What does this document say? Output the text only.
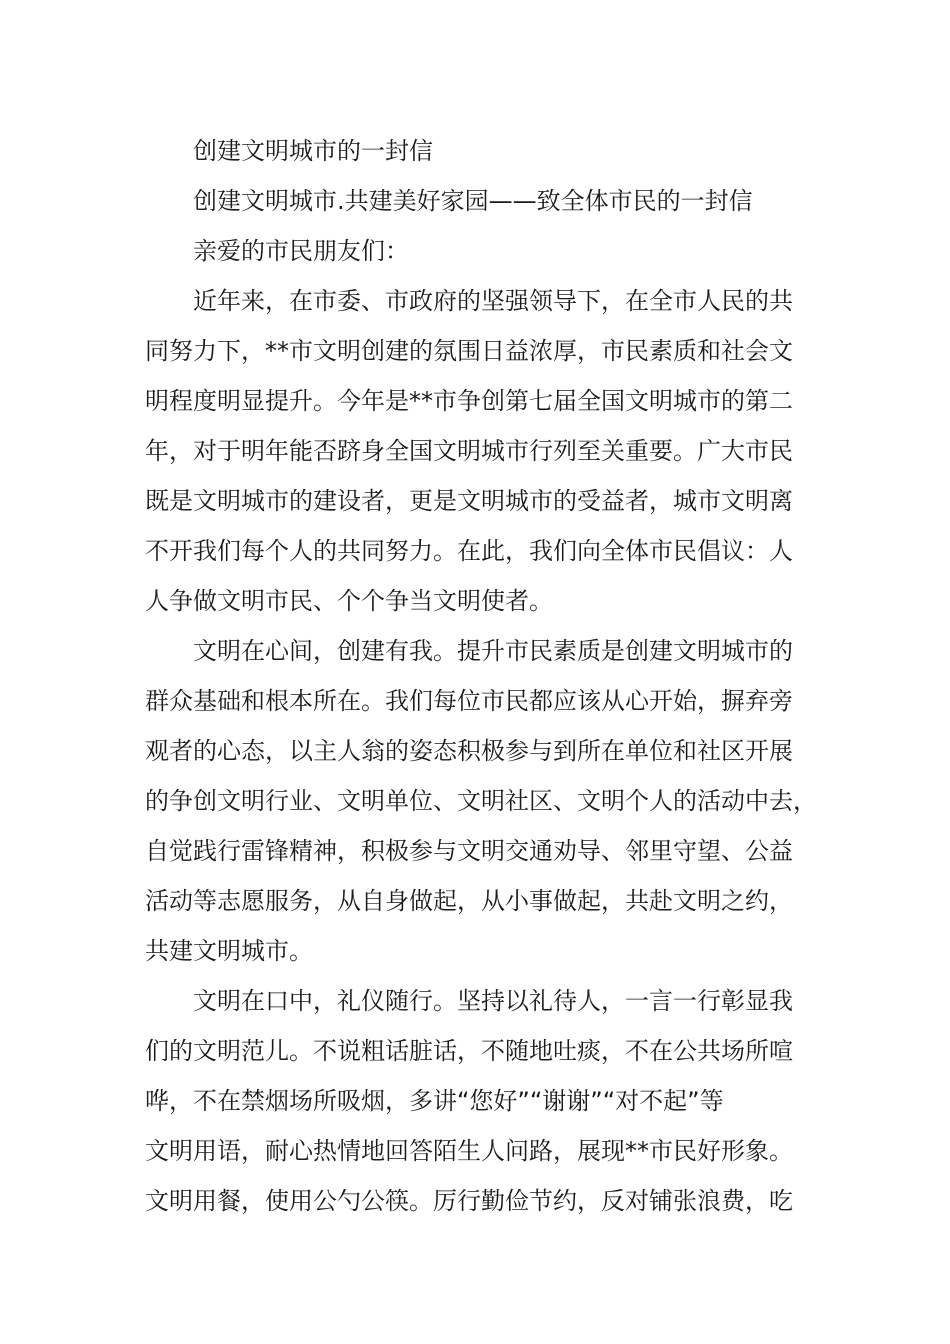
创建文明城市的一封信
创建文明城市.共建美好家园——致全体市民的一封信
亲爱的市民朋友们：
近年来，在市委、市政府的坚强领导下，在全市人民的共
同努力下，**市文明创建的氛围日益浓厚，市民素质和社会文
明程度明显提升。今年是**市争创第七届全国文明城市的第二
年，对于明年能否跻身全国文明城市行列至关重要。广大市民
既是文明城市的建设者，更是文明城市的受益者，城市文明离
不开我们每个人的共同努力。在此，我们向全体市民倡议：人
人争做文明市民、个个争当文明使者。
文明在心间，创建有我。提升市民素质是创建文明城市的
群众基础和根本所在。我们每位市民都应该从心开始，摒弃旁
观者的心态，以主人翁的姿态积极参与到所在单位和社区开展
的争创文明行业、文明单位、文明社区、文明个人的活动中去，
自觉践行雷锋精神，积极参与文明交通劝导、邻里守望、公益
活动等志愿服务，从自身做起，从小事做起，共赴文明之约，
共建文明城市。
文明在口中，礼仪随行。坚持以礼待人，一言一行彰显我
们的文明范儿。不说粗话脏话，不随地吐痰，不在公共场所喧
哗，不在禁烟场所吸烟，多讲“您好”“谢谢”“对不起”等
文明用语，耐心热情地回答陌生人问路，展现**市民好形象。
文明用餐，使用公勺公筷。厉行勤俭节约，反对铺张浪费，吃
